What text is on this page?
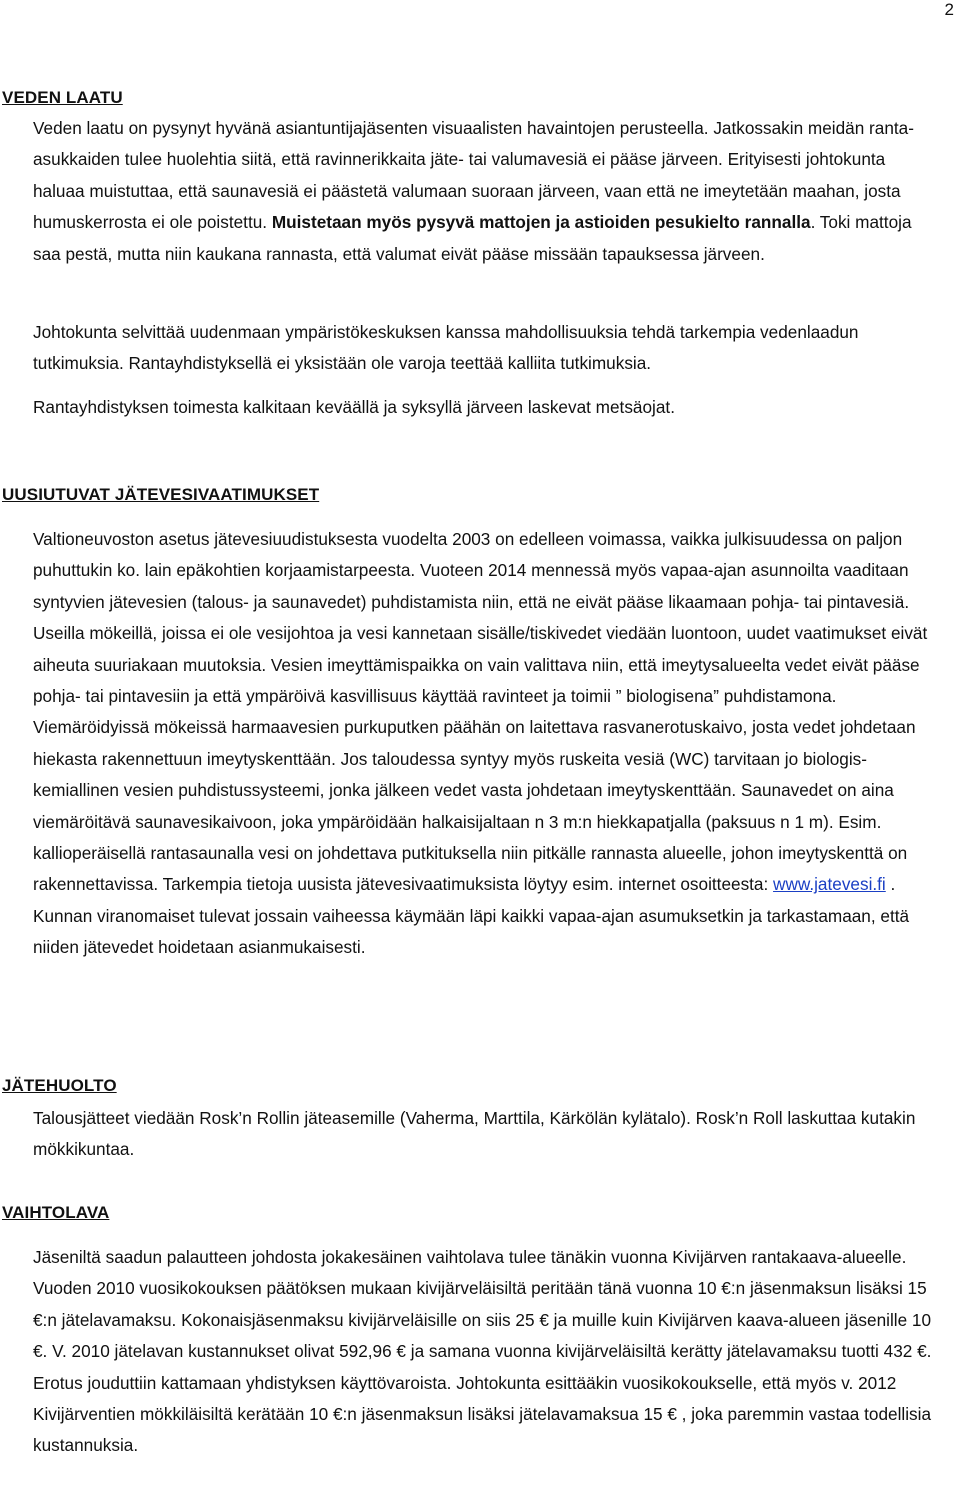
2
VEDEN LAATU

Veden laatu on pysynyt hyvänä asiantuntijajäsenten visuaalisten havaintojen perusteella. Jatkossakin meidän ranta-asukkaiden tulee huolehtia siitä, että ravinnerikkaita jäte- tai valumavesiä ei pääse järveen. Erityisesti johtokunta haluaa muistuttaa, että saunavesiä ei päästetä valumaan suoraan järveen, vaan että ne imeytetään maahan, josta humuskerrosta ei ole poistettu. Muistetaan myös pysyvä mattojen ja astioiden pesukielto rannalla. Toki mattoja saa pestä, mutta niin kaukana rannasta, että valumat eivät pääse missään tapauksessa järveen.

Johtokunta selvittää uudenmaan ympäristökeskuksen kanssa mahdollisuuksia tehdä tarkempia vedenlaadun tutkimuksia. Rantayhdistyksellä ei yksistään ole varoja teettää kalliita tutkimuksia.

Rantayhdistyksen toimesta kalkitaan keväällä ja syksyllä järveen laskevat metsäojat.

UUSIUTUVAT JÄTEVESIVAATIMUKSET

Valtioneuvoston asetus jätevesiuudistuksesta vuodelta 2003 on edelleen voimassa, vaikka julkisuudessa on paljon puhuttukin ko. lain epäkohtien korjaamistarpeesta. Vuoteen 2014 mennessä myös vapaa-ajan asunnoilta vaaditaan syntyvien jätevesien (talous- ja saunavedet) puhdistamista niin, että ne eivät pääse likaamaan pohja- tai pintavesiä. Useilla mökeillä, joissa ei ole vesijohtoa ja vesi kannetaan sisälle/tiskivedet viedään luontoon, uudet vaatimukset eivät aiheuta suuriakaan muutoksia. Vesien imeyttämispaikka on vain valittava niin, että imeytysalueelta vedet eivät pääse pohja- tai pintavesiin ja että ympäröivä kasvillisuus käyttää ravinteet ja toimii ” biologisena” puhdistamona. Viemäröidyissä mökeissä harmaavesien purkuputken päähän on laitettava rasvanerotuskaivo, josta vedet johdetaan hiekasta rakennettuun imeytyskenttään. Jos taloudessa syntyy myös ruskeita vesiä (WC) tarvitaan jo biologis-kemiallinen vesien puhdistussysteemi, jonka jälkeen vedet vasta johdetaan imeytyskenttään. Saunavedet on aina viemäröitävä saunavesikaivoon, joka ympäröidään halkaisijaltaan n 3 m:n hiekkapatjalla (paksuus n 1 m). Esim. kallioperäisellä rantasaunalla vesi on johdettava putkituksella niin pitkälle rannasta alueelle, johon imeytyskenttä on rakennettavissa. Tarkempia tietoja uusista jätevesivaatimuksista löytyy esim. internet osoitteesta: www.jatevesi.fi . Kunnan viranomaiset tulevat jossain vaiheessa käymään läpi kaikki vapaa-ajan asumuksetkin ja tarkastamaan, että niiden jätevedet hoidetaan asianmukaisesti.

JÄTEHUOLTO

Talousjätteet viedään Rosk’n Rollin jäteasemille (Vaherma, Marttila, Kärkölän kylätalo). Rosk’n Roll laskuttaa kutakin mökkikuntaa.

VAIHTOLAVA

Jäseniltä saadun palautteen johdosta jokakesäinen vaihtolava tulee tänäkin vuonna Kivijärven rantakaava-alueelle. Vuoden 2010 vuosikokouksen päätöksen mukaan kivijärveläisiltä peritään tänä vuonna 10 €:n jäsenmaksun lisäksi 15 €:n jätelavamaksu. Kokonaisjäsenmaksu kivijärveläisille on siis 25 € ja muille kuin Kivijärven kaava-alueen jäsenille 10 €. V. 2010 jätelavan kustannukset olivat 592,96 € ja samana vuonna kivijärveläisiltä kerätty jätelavamaksu tuotti 432 €. Erotus jouduttiin kattamaan yhdistyksen käyttövaroista. Johtokunta esittääkin vuosikokoukselle, että myös v. 2012 Kivijärventien mökkiläisiltä kerätään 10 €:n jäsenmaksun lisäksi jätelavamaksua 15 € , joka paremmin vastaa todellisia kustannuksia.
